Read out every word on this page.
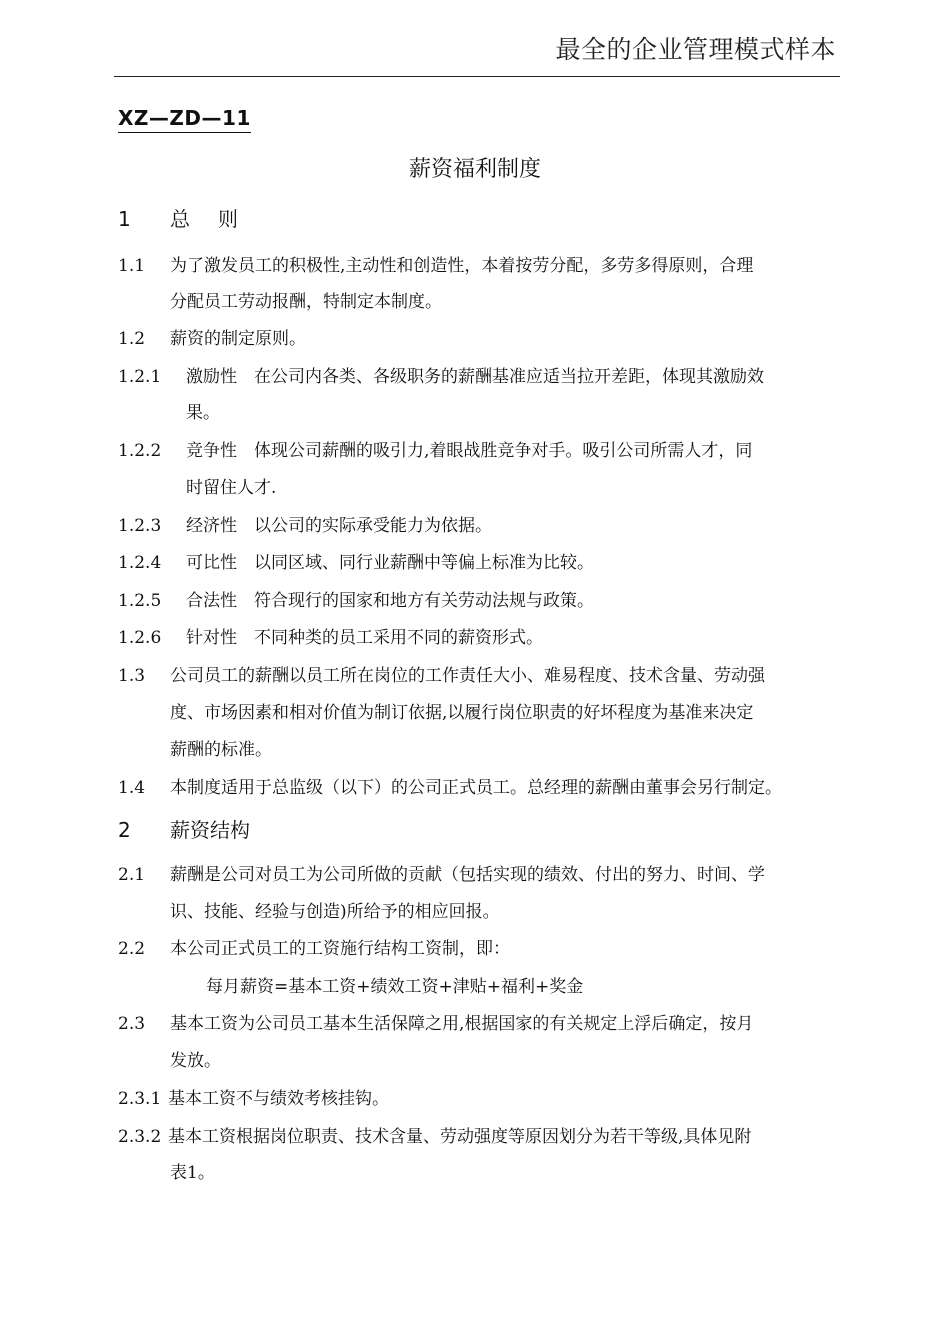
最全的企业管理模式样本
XZ—ZD—11
薪资福利制度
1 总　则
1.1 为了激发员工的积极性,主动性和创造性，本着按劳分配，多劳多得原则，合理
分配员工劳动报酬，特制定本制度。
1.2 薪资的制定原则。
1.2.1 激励性　在公司内各类、各级职务的薪酬基准应适当拉开差距，体现其激励效
果。
1.2.2 竞争性　体现公司薪酬的吸引力,着眼战胜竞争对手。吸引公司所需人才，同
时留住人才.
1.2.3 经济性　以公司的实际承受能力为依据。
1.2.4 可比性　以同区域、同行业薪酬中等偏上标准为比较。
1.2.5 合法性　符合现行的国家和地方有关劳动法规与政策。
1.2.6 针对性　不同种类的员工采用不同的薪资形式。
1.3 公司员工的薪酬以员工所在岗位的工作责任大小、难易程度、技术含量、劳动强
度、市场因素和相对价值为制订依据,以履行岗位职责的好坏程度为基准来决定
薪酬的标准。
1.4 本制度适用于总监级（以下）的公司正式员工。总经理的薪酬由董事会另行制定。
2 薪资结构
2.1 薪酬是公司对员工为公司所做的贡献（包括实现的绩效、付出的努力、时间、学
识、技能、经验与创造)所给予的相应回报。
2.2 本公司正式员工的工资施行结构工资制，即：
每月薪资=基本工资+绩效工资+津贴+福利+奖金
2.3 基本工资为公司员工基本生活保障之用,根据国家的有关规定上浮后确定，按月
发放。
2.3.1 基本工资不与绩效考核挂钩。
2.3.2 基本工资根据岗位职责、技术含量、劳动强度等原因划分为若干等级,具体见附
表1。
